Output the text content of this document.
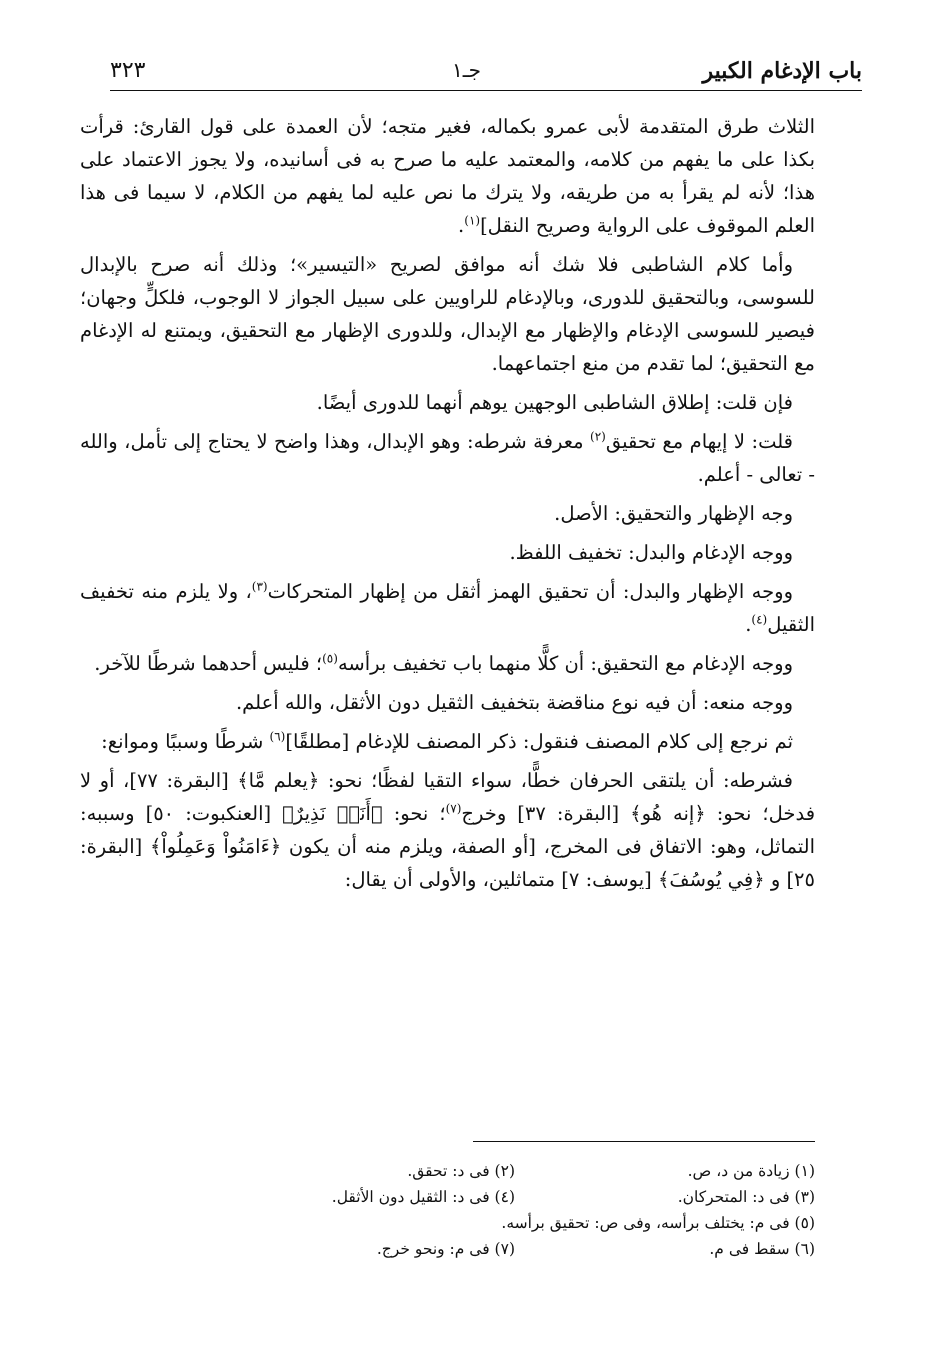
باب الإدغام الكبير
جـ١
٣٢٣

الثلاث طرق المتقدمة لأبى عمرو بكماله، فغير متجه؛ لأن العمدة على قول القارئ: قرأت بكذا على ما يفهم من كلامه، والمعتمد عليه ما صرح به فى أسانيده، ولا يجوز الاعتماد على هذا؛ لأنه لم يقرأ به من طريقه، ولا يترك ما نص عليه لما يفهم من الكلام، لا سيما فى هذا العلم الموقوف على الرواية وصريح النقل]$^{(١)}$.

وأما كلام الشاطبى فلا شك أنه موافق لصريح «التيسير»؛ وذلك أنه صرح بالإبدال للسوسى، وبالتحقيق للدورى، وبالإدغام للراويين على سبيل الجواز لا الوجوب، فلكلٍّ وجهان؛ فيصير للسوسى الإدغام والإظهار مع الإبدال، وللدورى الإظهار مع التحقيق، ويمتنع له الإدغام مع التحقيق؛ لما تقدم من منع اجتماعهما.

فإن قلت: إطلاق الشاطبى الوجهين يوهم أنهما للدورى أيضًا.

قلت: لا إيهام مع تحقيق$^{(٢)}$ معرفة شرطه: وهو الإبدال، وهذا واضح لا يحتاج إلى تأمل، والله - تعالى - أعلم.

وجه الإظهار والتحقيق: الأصل.

ووجه الإدغام والبدل: تخفيف اللفظ.

ووجه الإظهار والبدل: أن تحقيق الهمز أثقل من إظهار المتحركات$^{(٣)}$، ولا يلزم منه تخفيف الثقيل$^{(٤)}$.

ووجه الإدغام مع التحقيق: أن كلًّا منهما باب تخفيف برأسه$^{(٥)}$؛ فليس أحدهما شرطًا للآخر.

ووجه منعه: أن فيه نوع مناقضة بتخفيف الثقيل دون الأثقل، والله أعلم.

ثم نرجع إلى كلام المصنف فنقول: ذكر المصنف للإدغام [مطلقًا]$^{(٦)}$ شرطًا وسببًا وموانع:

فشرطه: أن يلتقى الحرفان خطًّا، سواء التقيا لفظًا؛ نحو: ﴿يعلم مَّا﴾ [البقرة: ٧٧]، أو لا فدخل؛ نحو: ﴿إنه هُو﴾ [البقرة: ٣٧] وخرج$^{(٧)}$؛ نحو: ﴿أَنَا۠ نَذِيرٌ﴾ [العنكبوت: ٥٠] وسببه: التماثل، وهو: الاتفاق فى المخرج، [أو الصفة، ويلزم منه أن يكون ﴿ءَامَنُواْ وَعَمِلُواْ﴾ [البقرة: ٢٥] و ﴿فِي يُوسُفَ﴾ [يوسف: ٧] متماثلين، والأولى أن يقال:

(١) زيادة من د، ص.
(٢) فى د: تحقق.
(٣) فى د: المتحركان.
(٤) فى د: الثقيل دون الأثقل.
(٥) فى م: يختلف برأسه، وفى ص: تحقيق برأسه.
(٦) سقط فى م.
(٧) فى م: ونحو خرج.
